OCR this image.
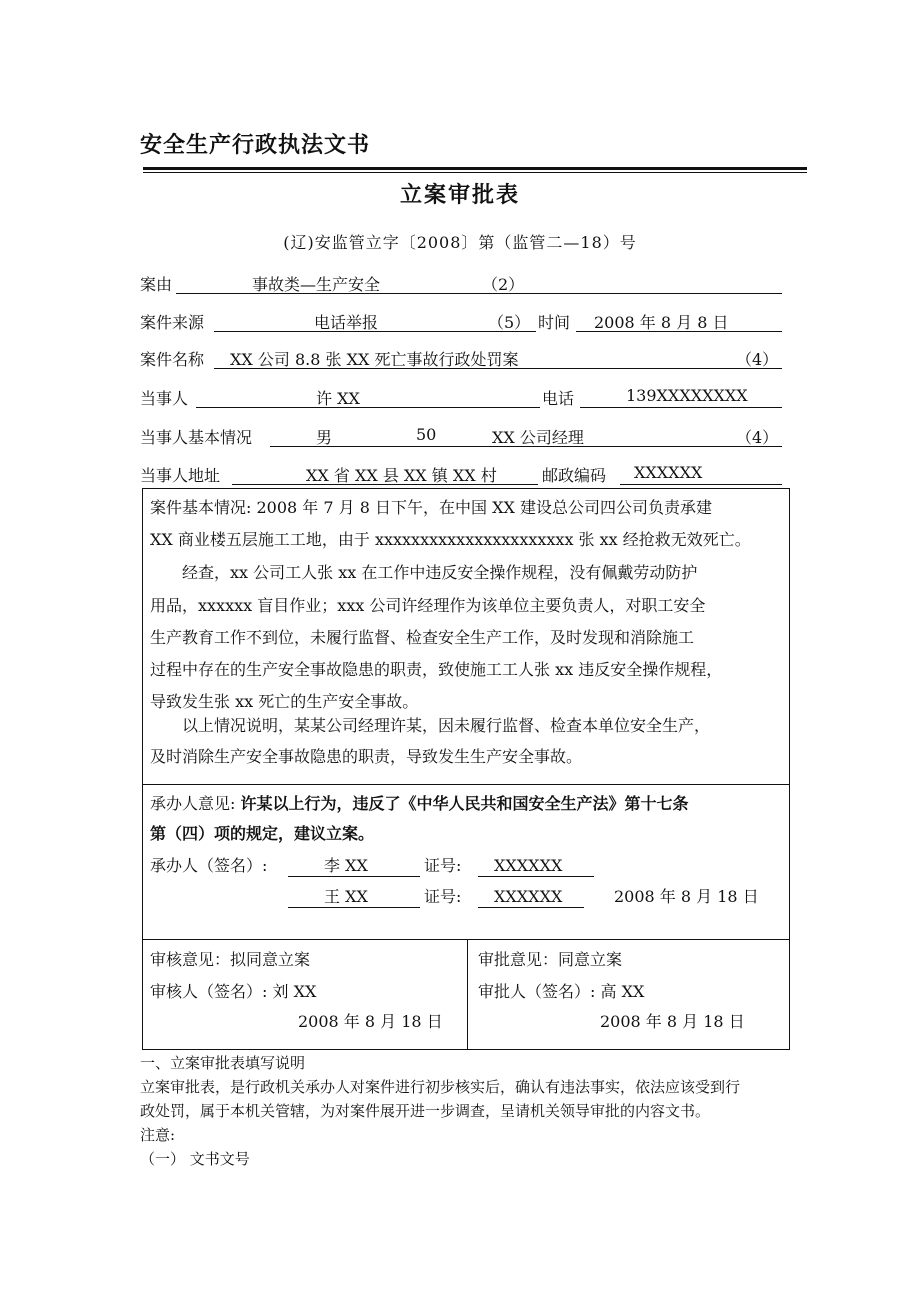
安全生产行政执法文书
立案审批表
(辽)安监管立字〔2008〕第（监管二—18）号
案由	事故类—生产安全	（2）
案件来源	电话举报	（5） 时间 2008 年 8 月 8 日
案件名称 XX 公司 8.8 张 XX 死亡事故行政处罚案	（4）
当事人	许 XX	电话	139XXXXXXXX
当事人基本情况	男	50	XX 公司经理	（4）
当事人地址	XX 省 XX 县 XX 镇 XX 村	邮政编码 XXXXXX
案件基本情况: 2008 年 7 月 8 日下午，在中国 XX 建设总公司四公司负责承建
XX 商业楼五层施工工地，由于 xxxxxxxxxxxxxxxxxxxxxx 张 xx 经抢救无效死亡。
经查，xx 公司工人张 xx 在工作中违反安全操作规程，没有佩戴劳动防护
用品，xxxxxx 盲目作业；xxx 公司许经理作为该单位主要负责人，对职工安全
生产教育工作不到位，未履行监督、检查安全生产工作，及时发现和消除施工
过程中存在的生产安全事故隐患的职责，致使施工工人张 xx 违反安全操作规程，
导致发生张 xx 死亡的生产安全事故。
以上情况说明，某某公司经理许某，因未履行监督、检查本单位安全生产，
及时消除生产安全事故隐患的职责，导致发生生产安全事故。
承办人意见: 许某以上行为，违反了《中华人民共和国安全生产法》第十七条
第（四）项的规定，建议立案。
承办人（签名）:	李 XX	证号: XXXXXX
王 XX	证号: XXXXXX	2008 年 8 月 18 日
审核意见：拟同意立案
审核人（签名）: 刘 XX
2008 年 8 月 18 日
审批意见：同意立案
审批人（签名）: 高 XX
2008 年 8 月 18 日
一、立案审批表填写说明
立案审批表，是行政机关承办人对案件进行初步核实后，确认有违法事实，依法应该受到行
政处罚，属于本机关管辖，为对案件展开进一步调查，呈请机关领导审批的内容文书。
注意:
（一） 文书文号
